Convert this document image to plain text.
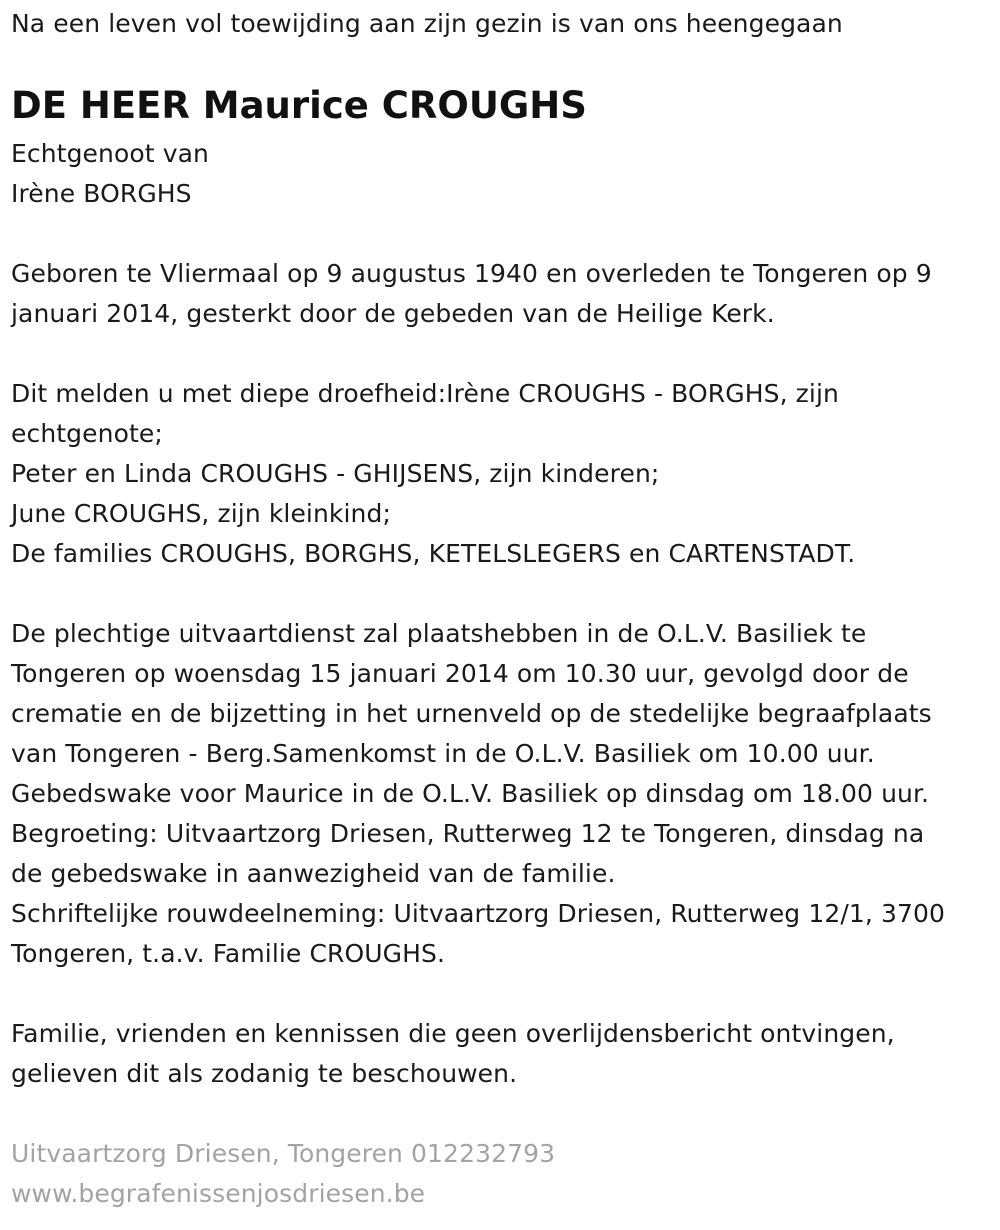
Na een leven vol toewijding aan zijn gezin is van ons heengegaan
DE HEER Maurice CROUGHS
Echtgenoot van
Irène BORGHS
Geboren te Vliermaal op 9 augustus 1940 en overleden te Tongeren op 9
januari 2014, gesterkt door de gebeden van de Heilige Kerk.
Dit melden u met diepe droefheid:Irène CROUGHS - BORGHS, zijn
echtgenote;
Peter en Linda CROUGHS - GHIJSENS, zijn kinderen;
June CROUGHS, zijn kleinkind;
De families CROUGHS, BORGHS, KETELSLEGERS en CARTENSTADT.
De plechtige uitvaartdienst zal plaatshebben in de O.L.V. Basiliek te
Tongeren op woensdag 15 januari 2014 om 10.30 uur, gevolgd door de
crematie en de bijzetting in het urnenveld op de stedelijke begraafplaats
van Tongeren - Berg.Samenkomst in de O.L.V. Basiliek om 10.00 uur.
Gebedswake voor Maurice in de O.L.V. Basiliek op dinsdag om 18.00 uur.
Begroeting: Uitvaartzorg Driesen, Rutterweg 12 te Tongeren, dinsdag na
de gebedswake in aanwezigheid van de familie.
Schriftelijke rouwdeelneming: Uitvaartzorg Driesen, Rutterweg 12/1, 3700
Tongeren, t.a.v. Familie CROUGHS.
Familie, vrienden en kennissen die geen overlijdensbericht ontvingen,
gelieven dit als zodanig te beschouwen.
Uitvaartzorg Driesen, Tongeren 012232793
www.begrafenissenjosdriesen.be
